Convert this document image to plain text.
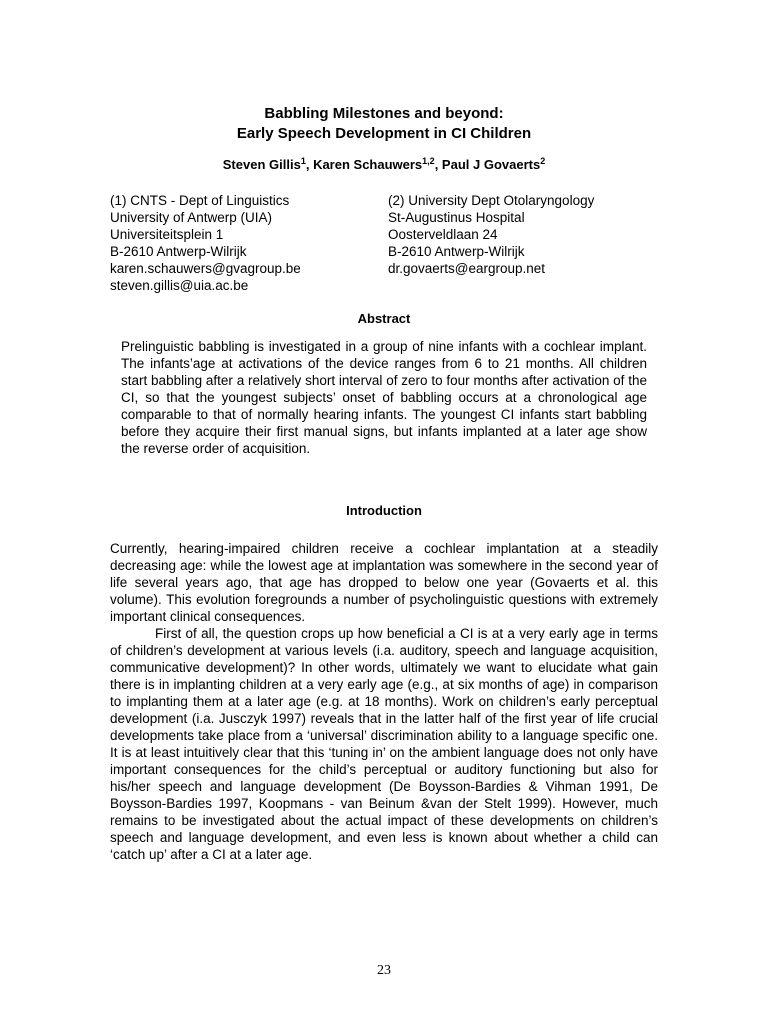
Babbling Milestones and beyond:
Early Speech Development in CI Children
Steven Gillis$^1$, Karen Schauwers$^{1,2}$, Paul J Govaerts$^2$
(1) CNTS - Dept of Linguistics
University of Antwerp (UIA)
Universiteitsplein 1
B-2610 Antwerp-Wilrijk
karen.schauwers@gvagroup.be
steven.gillis@uia.ac.be
(2) University Dept Otolaryngology
St-Augustinus Hospital
Oosterveldlaan 24
B-2610 Antwerp-Wilrijk
dr.govaerts@eargroup.net
Abstract
Prelinguistic babbling is investigated in a group of nine infants with a cochlear implant. The infants’age at activations of the device ranges from 6 to 21 months. All children start babbling after a relatively short interval of zero to four months after activation of the CI, so that the youngest subjects’ onset of babbling occurs at a chronological age comparable to that of normally hearing infants. The youngest CI infants start babbling before they acquire their first manual signs, but infants implanted at a later age show the reverse order of acquisition.
Introduction

Currently, hearing-impaired children receive a cochlear implantation at a steadily decreasing age: while the lowest age at implantation was somewhere in the second year of life several years ago, that age has dropped to below one year (Govaerts et al. this volume). This evolution foregrounds a number of psycholinguistic questions with extremely important clinical consequences.

First of all, the question crops up how beneficial a CI is at a very early age in terms of children’s development at various levels (i.a. auditory, speech and language acquisition, communicative development)? In other words, ultimately we want to elucidate what gain there is in implanting children at a very early age (e.g., at six months of age) in comparison to implanting them at a later age (e.g. at 18 months). Work on children’s early perceptual development (i.a. Jusczyk 1997) reveals that in the latter half of the first year of life crucial developments take place from a ‘universal’ discrimination ability to a language specific one. It is at least intuitively clear that this ‘tuning in’ on the ambient language does not only have important consequences for the child’s perceptual or auditory functioning but also for his/her speech and language development (De Boysson-Bardies & Vihman 1991, De Boysson-Bardies 1997, Koopmans - van Beinum &van der Stelt 1999). However, much remains to be investigated about the actual impact of these developments on children’s speech and language development, and even less is known about whether a child can ‘catch up’ after a CI at a later age.

23
